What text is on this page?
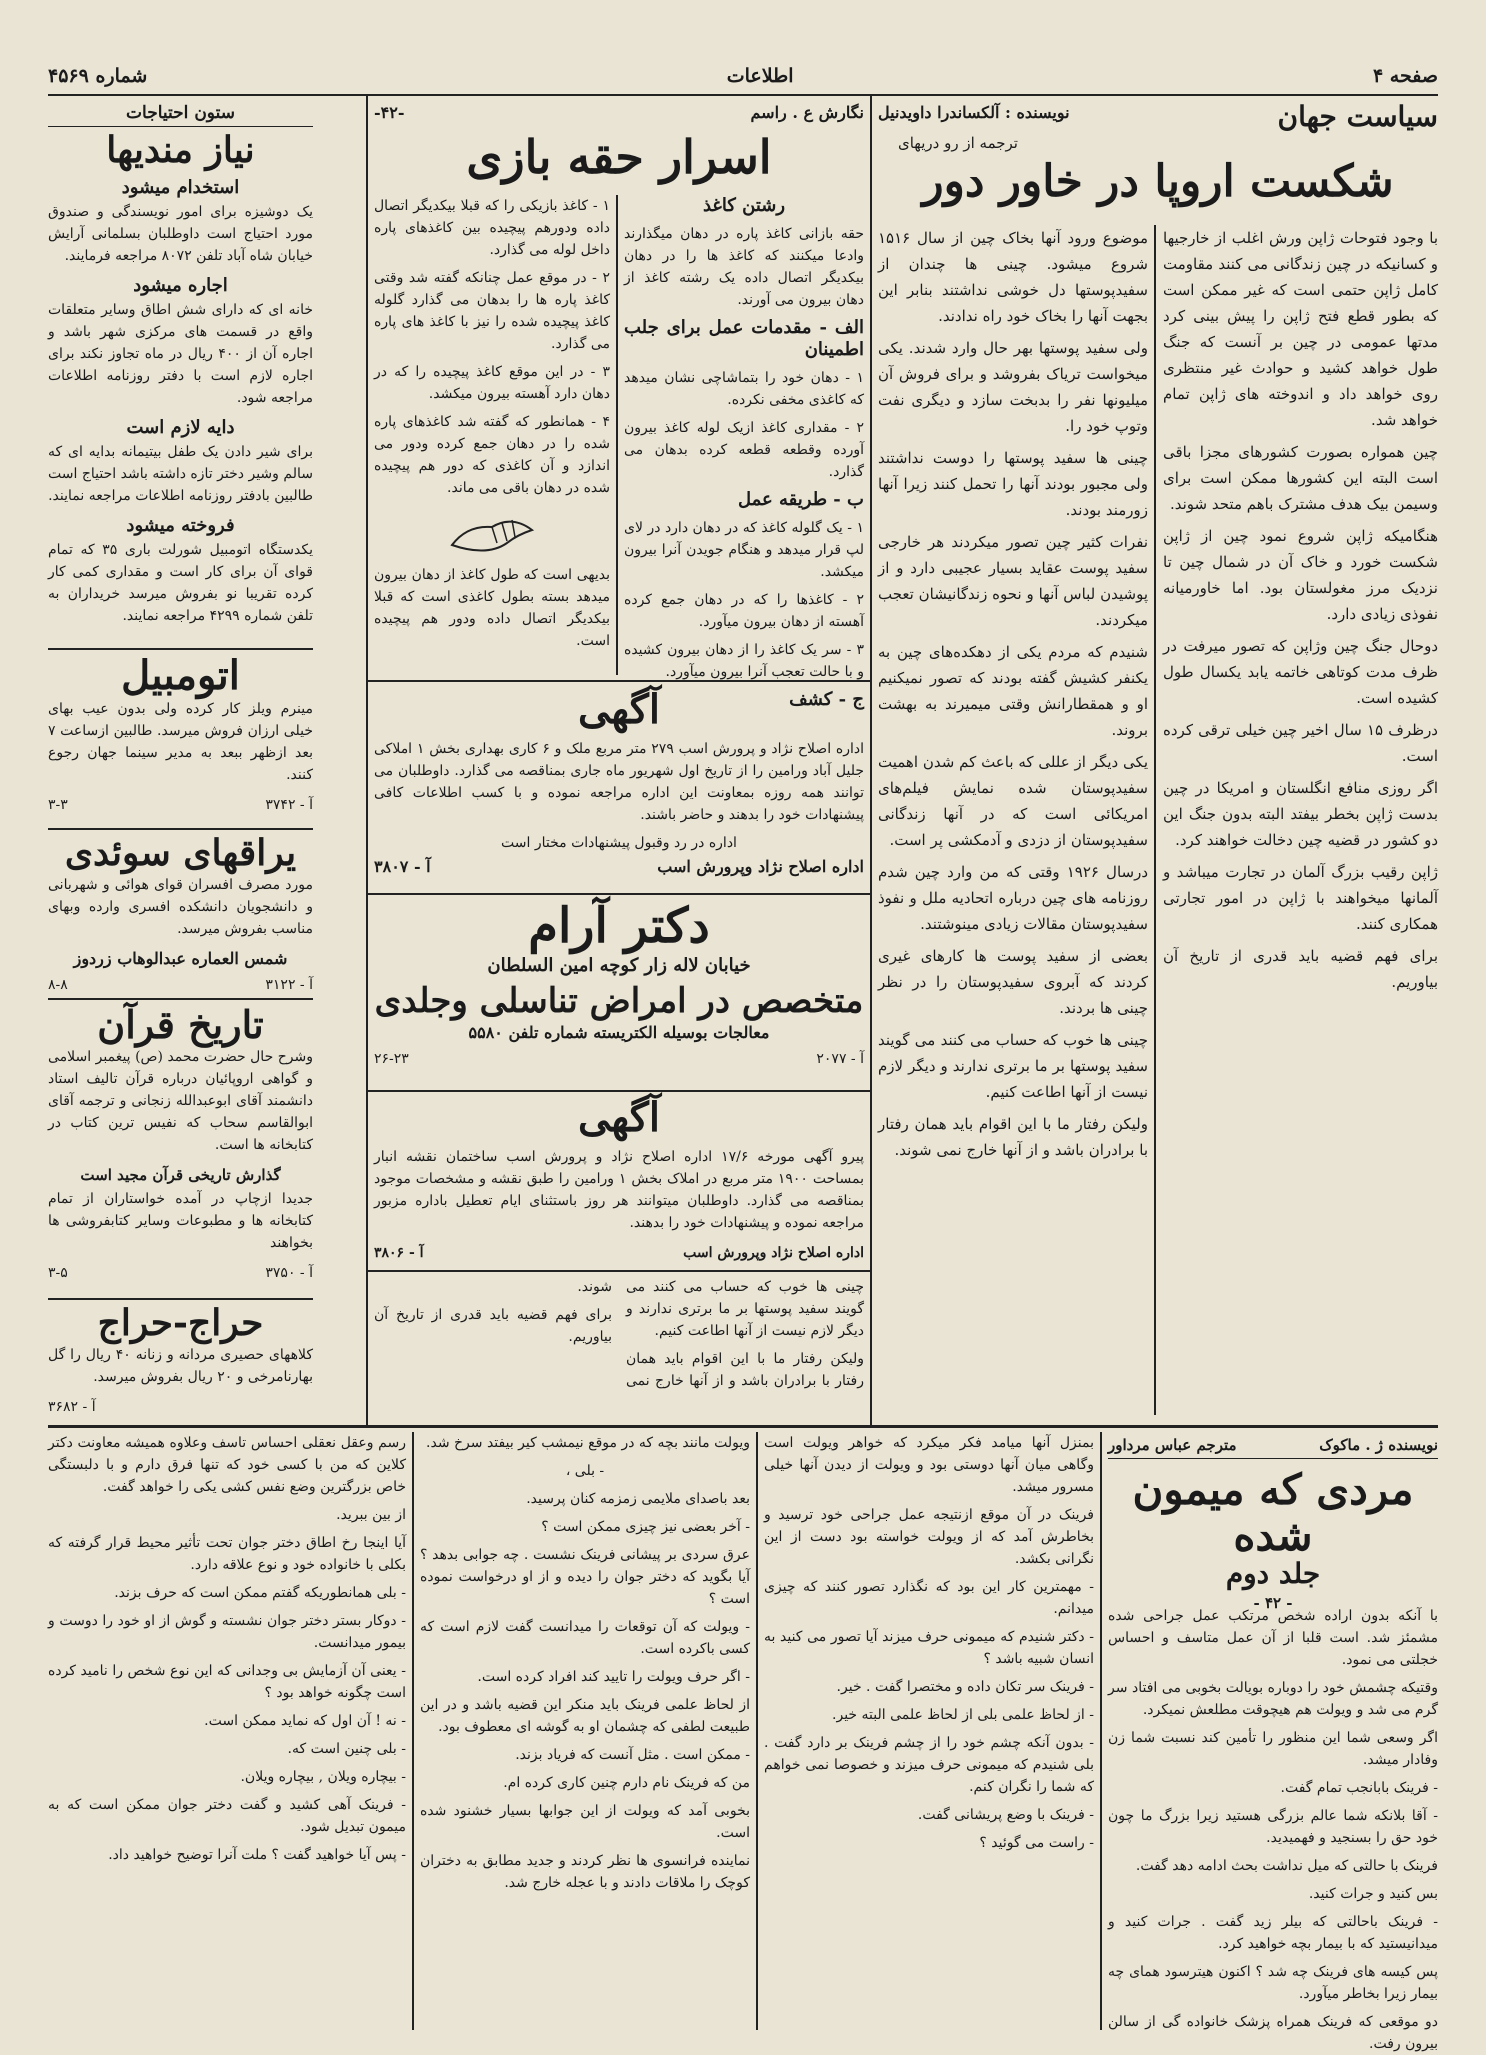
صفحه ۴
اطلاعات
شماره ۴۵۶۹
سیاست جهان
نویسنده : آلکساندرا داویدنیل
ترجمه از رو دریهای
شکست اروپا در خاور دور

با وجود فتوحات ژاپن ورش اغلب از خارجیها و کسانیکه در چین زندگانی می کنند مقاومت کامل ژاپن حتمی است که غیر ممکن است که بطور قطع فتح ژاپن را پیش بینی کرد مدتها عمومی در چین بر آنست که جنگ طول خواهد کشید و حوادث غیر منتظری روی خواهد داد و اندوخته های ژاپن تمام خواهد شد.

چین همواره بصورت کشورهای مجزا باقی است البته این کشورها ممکن است برای وسیمن بیک هدف مشترک باهم متحد شوند.

هنگامیکه ژاپن شروع نمود چین از ژاپن شکست خورد و خاک آن در شمال چین تا نزدیک مرز مغولستان بود. اما خاورمیانه نفوذی زیادی دارد.

دوحال جنگ چین وژاپن که تصور میرفت در ظرف مدت کوتاهی خاتمه یابد یکسال طول کشیده است.

درظرف ۱۵ سال اخیر چین خیلی ترقی کرده است.

اگر روزی منافع انگلستان و امریکا در چین بدست ژاپن بخطر بیفتد البته بدون جنگ این دو کشور در قضیه چین دخالت خواهند کرد.

ژاپن رقیب بزرگ آلمان در تجارت میباشد و آلمانها میخواهند با ژاپن در امور تجارتی همکاری کنند.

برای فهم قضیه باید قدری از تاریخ آن بیاوریم.

موضوع ورود آنها بخاک چین از سال ۱۵۱۶ شروع میشود. چینی ها چندان از سفیدپوستها دل خوشی نداشتند بنابر این بجهت آنها را بخاک خود راه ندادند.

ولی سفید پوستها بهر حال وارد شدند. یکی میخواست تریاک بفروشد و برای فروش آن میلیونها نفر را بدبخت سازد و دیگری نفت وتوپ خود را.

چینی ها سفید پوستها را دوست نداشتند ولی مجبور بودند آنها را تحمل کنند زیرا آنها زورمند بودند.

نفرات کثیر چین تصور میکردند هر خارجی سفید پوست عقاید بسیار عجیبی دارد و از پوشیدن لباس آنها و نحوه زندگانیشان تعجب میکردند.

شنیدم که مردم یکی از دهکده‌های چین به یکنفر کشیش گفته بودند که تصور نمیکنیم او و همقطارانش وقتی میمیرند به بهشت بروند.

یکی دیگر از عللی که باعث کم شدن اهمیت سفیدپوستان شده نمایش فیلم‌های امریکائی است که در آنها زندگانی سفیدپوستان از دزدی و آدمکشی پر است.

درسال ۱۹۲۶ وقتی که من وارد چین شدم روزنامه های چین درباره اتحادیه ملل و نفوذ سفیدپوستان مقالات زیادی مینوشتند.

بعضی از سفید پوست ها کارهای غیری کردند که آبروی سفیدپوستان را در نظر چینی ها بردند.

چینی ها خوب که حساب می کنند می گویند سفید پوستها بر ما برتری ندارند و دیگر لازم نیست از آنها اطاعت کنیم.

ولیکن رفتار ما با این اقوام باید همان رفتار با برادران باشد و از آنها خارج نمی شوند.

نگارش ع . راسم
-۴۲-
اسرار حقه بازی

رشتن کاغذ

حقه بازانی کاغذ پاره در دهان میگذارند وادعا میکنند که کاغذ ها را در دهان بیکدیگر اتصال داده یک رشته کاغذ از دهان بیرون می آورند.

الف - مقدمات عمل برای جلب اطمینان

۱ - دهان خود را بتماشاچی نشان میدهد که کاغذی مخفی نکرده.

۲ - مقداری کاغذ ازیک لوله کاغذ بیرون آورده وقطعه قطعه کرده بدهان می گذارد.

ب - طریقه عمل

۱ - یک گلوله کاغذ که در دهان دارد در لای لپ قرار میدهد و هنگام جویدن آنرا بیرون میکشد.

۲ - کاغذها را که در دهان جمع کرده آهسته از دهان بیرون میآورد.

۳ - سر یک کاغذ را از دهان بیرون کشیده و با حالت تعجب آنرا بیرون میآورد.

ج - کشف

۱ - کاغذ بازیکی را که قبلا بیکدیگر اتصال داده ودورهم پیچیده بین کاغذهای پاره داخل لوله می گذارد.

۲ - در موقع عمل چنانکه گفته شد وقتی کاغذ پاره ها را بدهان می گذارد گلوله کاغذ پیچیده شده را نیز با کاغذ های پاره می گذارد.

۳ - در این موقع کاغذ پیچیده را که در دهان دارد آهسته بیرون میکشد.

۴ - همانطور که گفته شد کاغذهای پاره شده را در دهان جمع کرده ودور می اندازد و آن کاغذی که دور هم پیچیده شده در دهان باقی می ماند.

بدیهی است که طول کاغذ از دهان بیرون میدهد بسته بطول کاغذی است که قبلا بیکدیگر اتصال داده ودور هم پیچیده است.

آگهی

اداره اصلاح نژاد و پرورش اسب ۲۷۹ متر مربع ملک و ۶ کاری بهداری بخش ۱ املاکی جلیل آباد ورامین را از تاریخ اول شهریور ماه جاری بمناقصه می گذارد. داوطلبان می توانند همه روزه بمعاونت این اداره مراجعه نموده و با کسب اطلاعات کافی پیشنهادات خود را بدهند و حاضر باشند.

اداره در رد وقبول پیشنهادات مختار است
اداره اصلاح نژاد وپرورش اسب
آ - ۳۸۰۷
دکتر آرام
خیابان لاله زار کوچه امین السلطان
متخصص در امراض تناسلی وجلدی
معالجات بوسیله الکتریسته شماره تلفن ۵۵۸۰
آ - ۲۰۷۷
۲۶-۲۳
آگهی

پیرو آگهی مورخه ۱۷/۶ اداره اصلاح نژاد و پرورش اسب ساختمان نقشه انبار بمساحت ۱۹۰۰ متر مربع در املاک بخش ۱ ورامین را طبق نقشه و مشخصات موجود بمناقصه می گذارد. داوطلبان میتوانند هر روز باستثنای ایام تعطیل باداره مزبور مراجعه نموده و پیشنهادات خود را بدهند.

اداره اصلاح نژاد وپرورش اسب
آ - ۳۸۰۶

چینی ها خوب که حساب می کنند می گویند سفید پوستها بر ما برتری ندارند و دیگر لازم نیست از آنها اطاعت کنیم.

ولیکن رفتار ما با این اقوام باید همان رفتار با برادران باشد و از آنها خارج نمی شوند.

برای فهم قضیه باید قدری از تاریخ آن بیاوریم.

ستون احتیاجات
نیاز مندیها
استخدام میشود

یک دوشیزه برای امور نویسندگی و صندوق مورد احتیاج است داوطلبان بسلمانی آرایش خیابان شاه آباد تلفن ۸۰۷۲ مراجعه فرمایند.

اجاره میشود

خانه ای که دارای شش اطاق وسایر متعلقات واقع در قسمت های مرکزی شهر باشد و اجاره آن از ۴۰۰ ریال در ماه تجاوز نکند برای اجاره لازم است با دفتر روزنامه اطلاعات مراجعه شود.

دایه لازم است

برای شیر دادن یک طفل بیتیمانه بدایه ای که سالم وشیر دختر تازه داشته باشد احتیاج است طالبین بادفتر روزنامه اطلاعات مراجعه نمایند.

فروخته میشود

یکدستگاه اتومبیل شورلت باری ۳۵ که تمام قوای آن برای کار است و مقداری کمی کار کرده تقریبا نو بفروش میرسد خریداران به تلفن شماره ۴۲۹۹ مراجعه نمایند.

اتومبیل

مینرم ویلز کار کرده ولی بدون عیب بهای خیلی ارزان فروش میرسد. طالبین ازساعت ۷ بعد ازظهر ببعد به مدیر سینما جهان رجوع کنند.

آ - ۳۷۴۲
۳-۳
یراقهای سوئدی

مورد مصرف افسران قوای هوائی و شهربانی و دانشجویان دانشکده افسری وارده وبهای مناسب بفروش میرسد.

شمس العماره عبدالوهاب زردوز
آ - ۳۱۲۲
۸-۸
تاریخ قرآن

وشرح حال حضرت محمد (ص) پیغمبر اسلامی و گواهی اروپائیان درباره قرآن تالیف استاد دانشمند آقای ابوعبدالله زنجانی و ترجمه آقای ابوالقاسم سحاب که نفیس ترین کتاب در کتابخانه ها است.

گذارش تاریخی قرآن مجید است

جدیدا ازچاپ در آمده خواستاران از تمام کتابخانه ها و مطبوعات وسایر کتابفروشی ها بخواهند

آ - ۳۷۵۰
۳-۵
حراج-حراج

کلاههای حصیری مردانه و زنانه ۴۰ ریال را گل بهارنامرخی و ۲۰ ریال بفروش میرسد.

آ - ۳۶۸۲
نویسنده ژ . ماکوک
مترجم عباس مرداور
مردی که میمون شده
جلد دوم
- ۴۲ -

با آنکه بدون اراده شخص مرتکب عمل جراحی شده مشمئز شد. است قلبا از آن عمل متاسف و احساس خجلتی می نمود.

وقتیکه چشمش خود را دوباره بویالت بخوبی می افتاد سر گرم می شد و ویولت هم هیچوقت مطلعش نمیکرد.

اگر وسعی شما این منظور را تأمین کند نسبت شما زن وفادار میشد.

- فرینک بابانجب تمام گفت.

- آقا بلانکه شما عالم بزرگی هستید زیرا بزرگ ما چون خود حق را بسنجید و فهمیدید.

فرینک با حالتی که میل نداشت بحث ادامه دهد گفت.

بس کنید و جرات کنید.

- فرینک باحالتی که بیلر زید گفت . جرات کنید و میدانیستید که با بیمار بچه خواهید کرد.

پس کیسه های فرینک چه شد ؟ اکنون هیترسود همای چه بیمار زیرا بخاطر میآورد.

دو موقعی که فرینک همراه پزشک خانواده گی از سالن بیرون رفت.

بمنزل آنها میامد فکر میکرد که خواهر ویولت است وگاهی میان آنها دوستی بود و ویولت از دیدن آنها خیلی مسرور میشد.

فرینک در آن موقع ازنتیجه عمل جراحی خود ترسید و بخاطرش آمد که از ویولت خواسته بود دست از این نگرانی بکشد.

- مهمترین کار این بود که نگذارد تصور کنند که چیزی میدانم.

- دکتر شنیدم که میمونی حرف میزند آیا تصور می کنید به انسان شبیه باشد ؟

- فرینک سر تکان داده و مختصرا گفت . خیر.

- از لحاظ علمی بلی از لحاظ علمی البته خیر.

- بدون آنکه چشم خود را از چشم فرینک بر دارد گفت . بلی شنیدم که میمونی حرف میزند و خصوصا نمی خواهم که شما را نگران کنم.

- فرینک با وضع پریشانی گفت.

- راست می گوئید ؟

ویولت مانند بچه که در موقع نیمشب کیر بیفتد سرخ شد.

- بلی ،

بعد باصدای ملایمی زمزمه کنان پرسید.

- آخر بعضی نیز چیزی ممکن است ؟

عرق سردی بر پیشانی فرینک نشست . چه جوابی بدهد ؟ آیا بگوید که دختر جوان را دیده و از او درخواست نموده است ؟

- ویولت که آن توقعات را میدانست گفت لازم است که کسی باکرده است.

- اگر حرف ویولت را تایید کند افراد کرده است.

از لحاظ علمی فرینک باید منکر این قضیه باشد و در این طبیعت لطفی که چشمان او به گوشه ای معطوف بود.

- ممکن است . مثل آنست که فریاد بزند.

من که فرینک نام دارم چنین کاری کرده ام.

بخوبی آمد که ویولت از این جوابها بسیار خشنود شده است.

نماینده فرانسوی ها نظر کردند و جدید مطابق به دختران کوچک را ملاقات دادند و با عجله خارج شد.

رسم وعقل نعقلی احساس تاسف وعلاوه همیشه معاونت دکتر کلاین که من با کسی خود که تنها فرق دارم و با دلبستگی خاص بزرگترین وضع نفس کشی یکی را خواهد گفت.

از بین ببرید.

آیا اینجا رخ اطاق دختر جوان تحت تأثیر محیط قرار گرفته که بکلی با خانواده خود و نوع علاقه دارد.

- بلی همانطوریکه گفتم ممکن است که حرف بزند.

- دوکار بستر دختر جوان نشسته و گوش از او خود را دوست و بیمور میدانست.

- یعنی آن آزمایش بی وجدانی که این نوع شخص را نامید کرده است چگونه خواهد بود ؟

- نه ! آن اول که نماید ممکن است.

- بلی چنین است که.

- بیچاره ویلان , بیچاره ویلان.

- فرینک آهی کشید و گفت دختر جوان ممکن است که به میمون تبدیل شود.

- پس آیا خواهید گفت ؟ ملت آنرا توضیح خواهید داد.
